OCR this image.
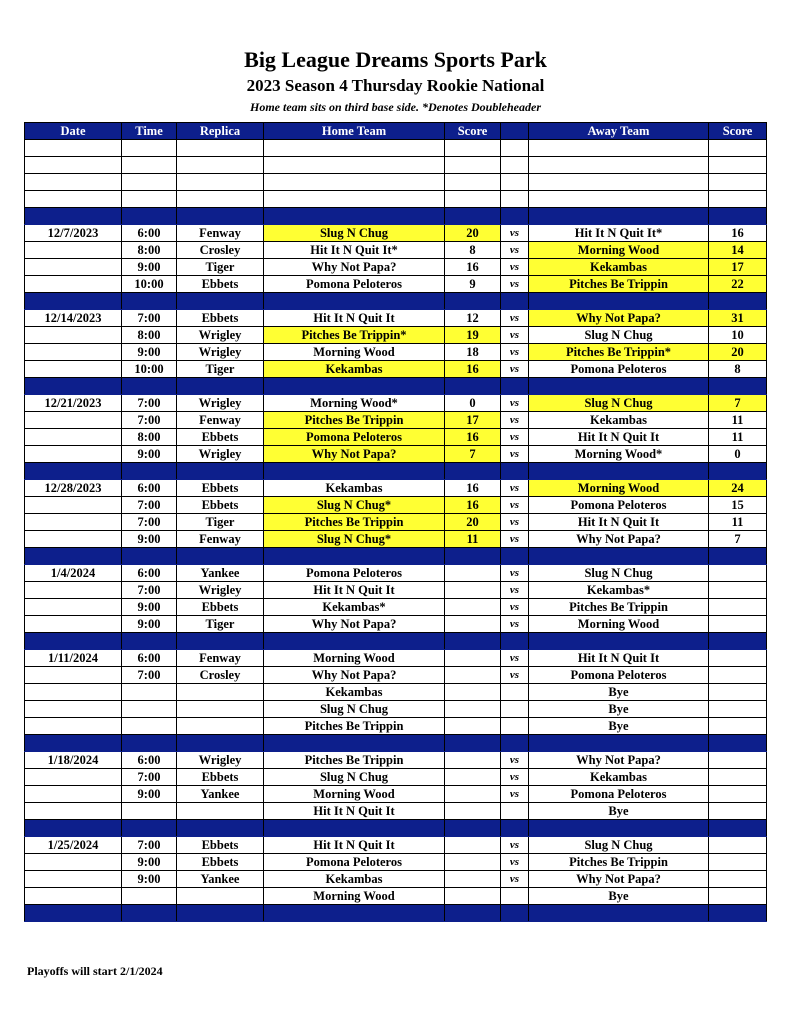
Big League Dreams Sports Park
2023 Season 4 Thursday Rookie National
Home team sits on third base side. *Denotes Doubleheader
Date	Time	Replica	Home Team	Score		Away Team	Score

12/7/2023	6:00	Fenway	Slug N Chug	20	vs	Hit It N Quit It*	16
	8:00	Crosley	Hit It N Quit It*	8	vs	Morning Wood	14
	9:00	Tiger	Why Not Papa?	16	vs	Kekambas	17
	10:00	Ebbets	Pomona Peloteros	9	vs	Pitches Be Trippin	22

12/14/2023	7:00	Ebbets	Hit It N Quit It	12	vs	Why Not Papa?	31
	8:00	Wrigley	Pitches Be Trippin*	19	vs	Slug N Chug	10
	9:00	Wrigley	Morning Wood	18	vs	Pitches Be Trippin*	20
	10:00	Tiger	Kekambas	16	vs	Pomona Peloteros	8

12/21/2023	7:00	Wrigley	Morning Wood*	0	vs	Slug N Chug	7
	7:00	Fenway	Pitches Be Trippin	17	vs	Kekambas	11
	8:00	Ebbets	Pomona Peloteros	16	vs	Hit It N Quit It	11
	9:00	Wrigley	Why Not Papa?	7	vs	Morning Wood*	0

12/28/2023	6:00	Ebbets	Kekambas	16	vs	Morning Wood	24
	7:00	Ebbets	Slug N Chug*	16	vs	Pomona Peloteros	15
	7:00	Tiger	Pitches Be Trippin	20	vs	Hit It N Quit It	11
	9:00	Fenway	Slug N Chug*	11	vs	Why Not Papa?	7

1/4/2024	6:00	Yankee	Pomona Peloteros		vs	Slug N Chug	
	7:00	Wrigley	Hit It N Quit It		vs	Kekambas*	
	9:00	Ebbets	Kekambas*		vs	Pitches Be Trippin	
	9:00	Tiger	Why Not Papa?		vs	Morning Wood	

1/11/2024	6:00	Fenway	Morning Wood		vs	Hit It N Quit It	
	7:00	Crosley	Why Not Papa?		vs	Pomona Peloteros	
			Kekambas			Bye	
			Slug N Chug			Bye	
			Pitches Be Trippin			Bye	

1/18/2024	6:00	Wrigley	Pitches Be Trippin		vs	Why Not Papa?	
	7:00	Ebbets	Slug N Chug		vs	Kekambas	
	9:00	Yankee	Morning Wood		vs	Pomona Peloteros	
			Hit It N Quit It			Bye	

1/25/2024	7:00	Ebbets	Hit It N Quit It		vs	Slug N Chug	
	9:00	Ebbets	Pomona Peloteros		vs	Pitches Be Trippin	
	9:00	Yankee	Kekambas		vs	Why Not Papa?	
			Morning Wood			Bye	

Playoffs will start 2/1/2024
